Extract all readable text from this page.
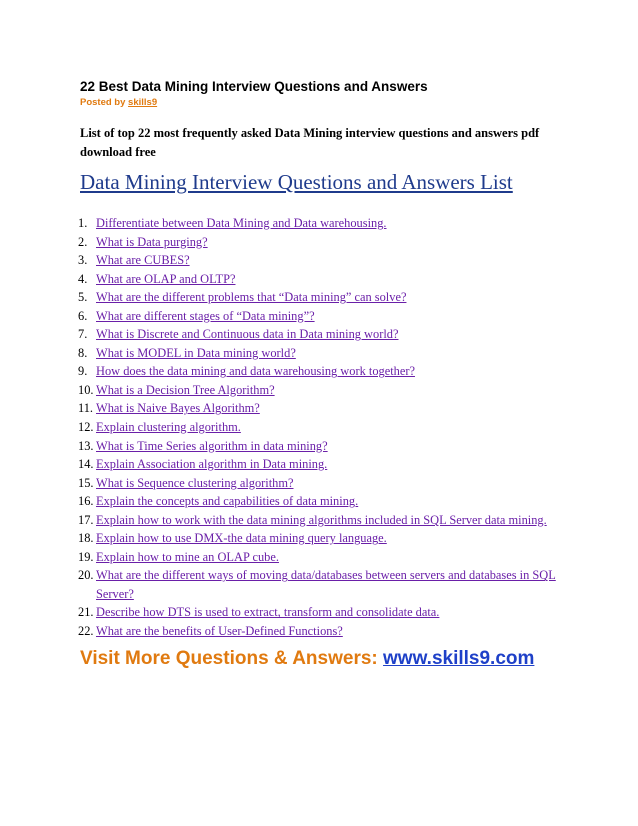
22 Best Data Mining Interview Questions and Answers
Posted by skills9
List of top 22 most frequently asked Data Mining interview questions and answers pdf download free
Data Mining Interview Questions and Answers List
1. Differentiate between Data Mining and Data warehousing.
2. What is Data purging?
3. What are CUBES?
4. What are OLAP and OLTP?
5. What are the different problems that “Data mining” can solve?
6. What are different stages of “Data mining”?
7. What is Discrete and Continuous data in Data mining world?
8. What is MODEL in Data mining world?
9. How does the data mining and data warehousing work together?
10. What is a Decision Tree Algorithm?
11. What is Naive Bayes Algorithm?
12. Explain clustering algorithm.
13. What is Time Series algorithm in data mining?
14. Explain Association algorithm in Data mining.
15. What is Sequence clustering algorithm?
16. Explain the concepts and capabilities of data mining.
17. Explain how to work with the data mining algorithms included in SQL Server data mining.
18. Explain how to use DMX-the data mining query language.
19. Explain how to mine an OLAP cube.
20. What are the different ways of moving data/databases between servers and databases in SQL Server?
21. Describe how DTS is used to extract, transform and consolidate data.
22. What are the benefits of User-Defined Functions?
Visit More Questions & Answers: www.skills9.com
